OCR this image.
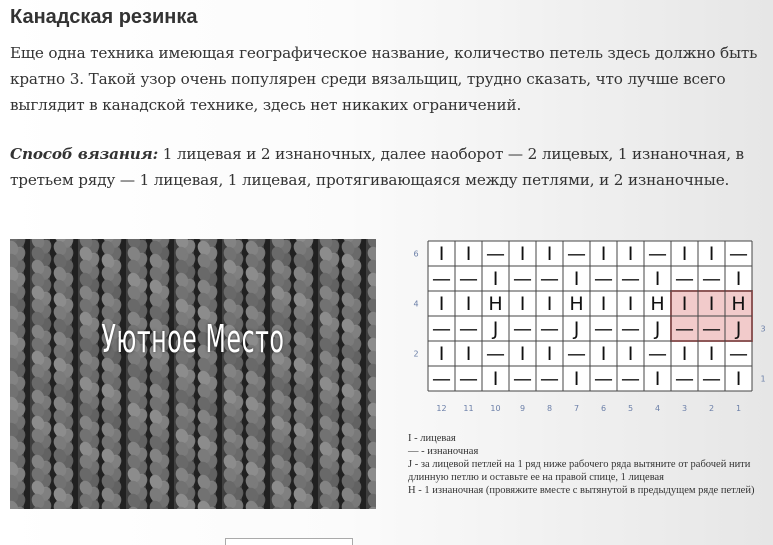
Канадская резинка

Еще одна техника имеющая географическое название, количество петель здесь должно быть кратно 3. Такой узор очень популярен среди вязальщиц, трудно сказать, что лучше всего выглядит в канадской технике, здесь нет никаких ограничений.

Способ вязания: 1 лицевая и 2 изнаночных, далее наоборот — 2 лицевых, 1 изнаночная, в третьем ряду — 1 лицевая, 1 лицевая, протягивающаяся между петлями, и 2 изнаночные.

Уютное Место
I I — I I — I I — I I —
— — I — — I — — I — — I
I I H I I H I I H I I H
— — J — — J — — J — — J
I I — I I — I I — I I —
— — I — — I — — I — — I
6
4
2
3
1
12 11 10 9	8	7	6	5	4	3	2	1
I - лицевая
— - изнаночная
J - за лицевой петлей на 1 ряд ниже рабочего ряда вытяните от рабочей нити длинную петлю и оставьте ее на правой спице, 1 лицевая
H - 1 изнаночная (провяжите вместе с вытянутой в предыдущем ряде петлей)
